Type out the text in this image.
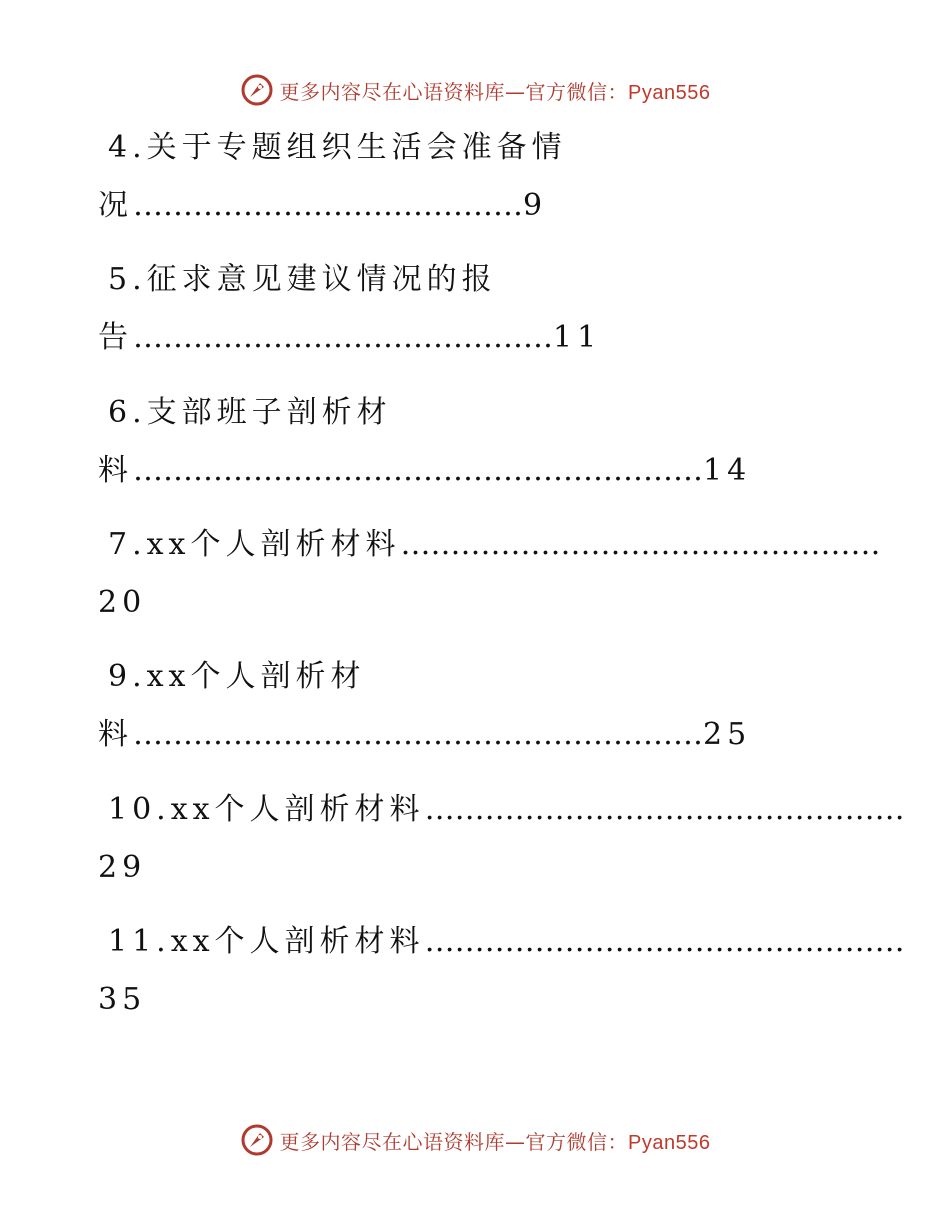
更多内容尽在心语资料库—官方微信：Pyan556
4.关于专题组织生活会准备情
况…………………………………9
5.征求意见建议情况的报
告……………………………………11
6.支部班子剖析材
料…………………………………………………14
7.xx个人剖析材料…………………………………………
20
9.xx个人剖析材
料…………………………………………………25
10.xx个人剖析材料…………………………………………
29
11.xx个人剖析材料…………………………………………
35
更多内容尽在心语资料库—官方微信：Pyan556
